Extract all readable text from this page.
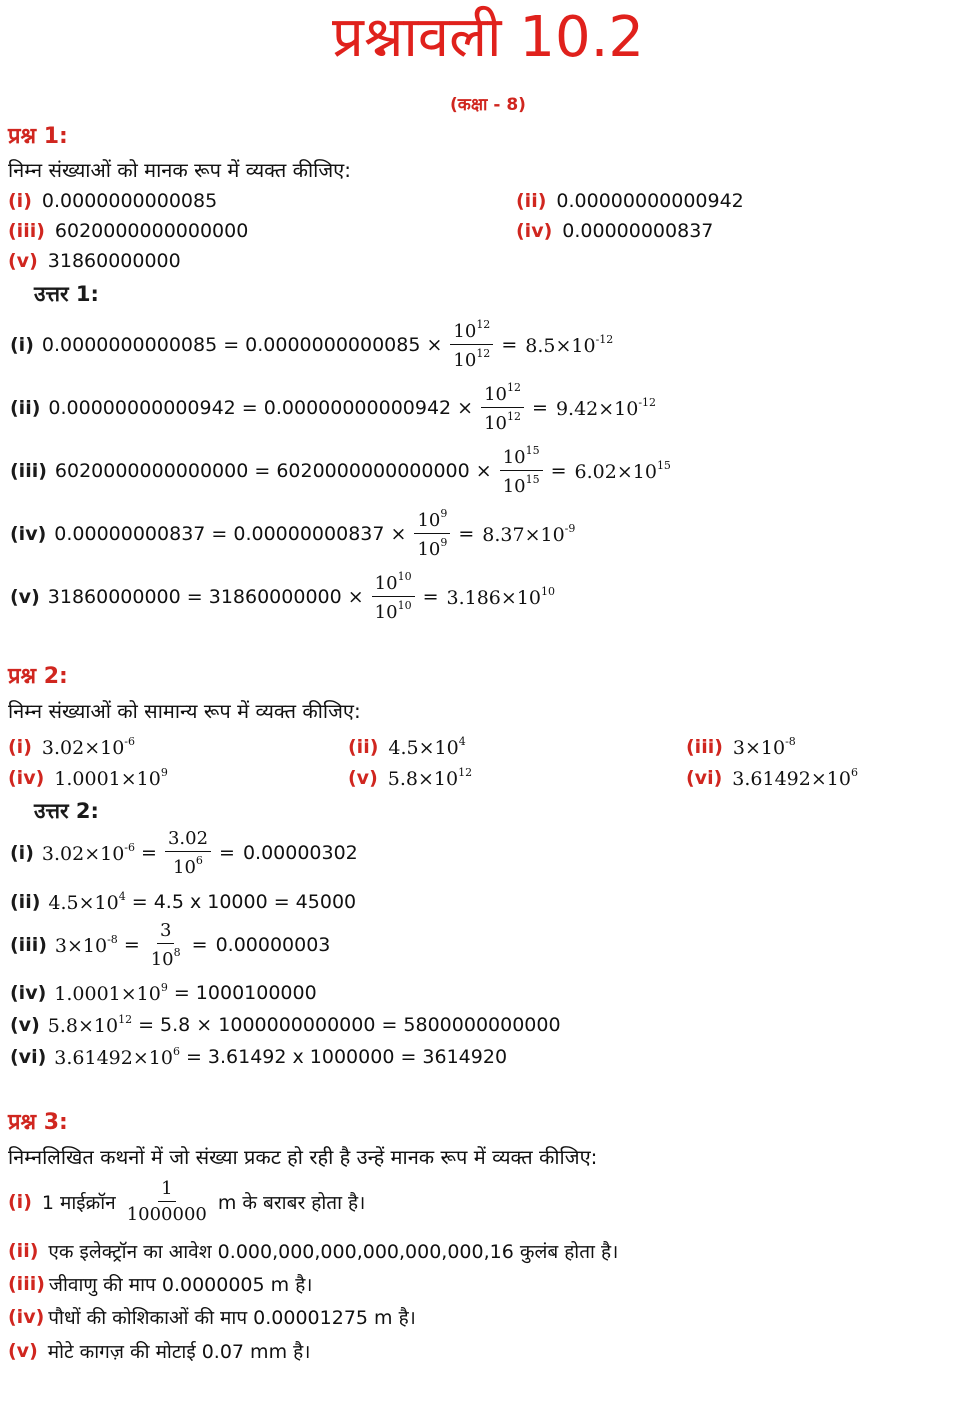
प्रश्नावली 10.2
(कक्षा - 8)
प्रश्न 1:
निम्न संख्याओं को मानक रूप में व्यक्त कीजिए:
(i) 0.0000000000085	(ii) 0.00000000000942
(iii) 6020000000000000	(iv) 0.00000000837
(v) 31860000000
उत्तर 1:
(i) $0.0000000000085 = 0.0000000000085 \times \frac{10^{12}}{10^{12}} = 8.5\times 10^{-12}$
(ii) $0.00000000000942 = 0.00000000000942 \times \frac{10^{12}}{10^{12}} = 9.42\times 10^{-12}$
(iii) $6020000000000000 = 6020000000000000 \times \frac{10^{15}}{10^{15}} = 6.02\times 10^{15}$
(iv) $0.00000000837 = 0.00000000837 \times \frac{10^9}{10^9} = 8.37\times 10^{-9}$
(v) $31860000000 = 31860000000 \times \frac{10^{10}}{10^{10}} = 3.186\times 10^{10}$
प्रश्न 2:
निम्न संख्याओं को सामान्य रूप में व्यक्त कीजिए:
(i) $3.02\times 10^{-6}$	(ii) $4.5\times 10^4$	(iii) $3\times 10^{-8}$
(iv) $1.0001\times 10^9$	(v) $5.8\times 10^{12}$	(vi) $3.61492\times 10^6$
उत्तर 2:
(i) $3.02\times 10^{-6} = \frac{3.02}{10^6} = 0.00000302$
(ii) $4.5\times 10^4 = 4.5$ x 10000 = 45000
(iii) $3\times 10^{-8} = \frac{3}{10^8} = 0.00000003$
(iv) $1.0001\times 10^9 = 1000100000$
(v) $5.8\times 10^{12} = 5.8 \times 1000000000000 = 5800000000000$
(vi) $3.61492\times 10^6 = 3.61492$ x 1000000 = 3614920
प्रश्न 3:
निम्नलिखित कथनों में जो संख्या प्रकट हो रही है उन्हें मानक रूप में व्यक्त कीजिए:
(i) 1 माईक्रॉन $\frac{1}{1000000}$ m के बराबर होता है।
(ii) एक इलेक्ट्रॉन का आवेश 0.000,000,000,000,000,000,16 कुलंब होता है।
(iii) जीवाणु की माप 0.0000005 m है।
(iv) पौधों की कोशिकाओं की माप 0.00001275 m है।
(v) मोटे कागज़ की मोटाई 0.07 mm है।
